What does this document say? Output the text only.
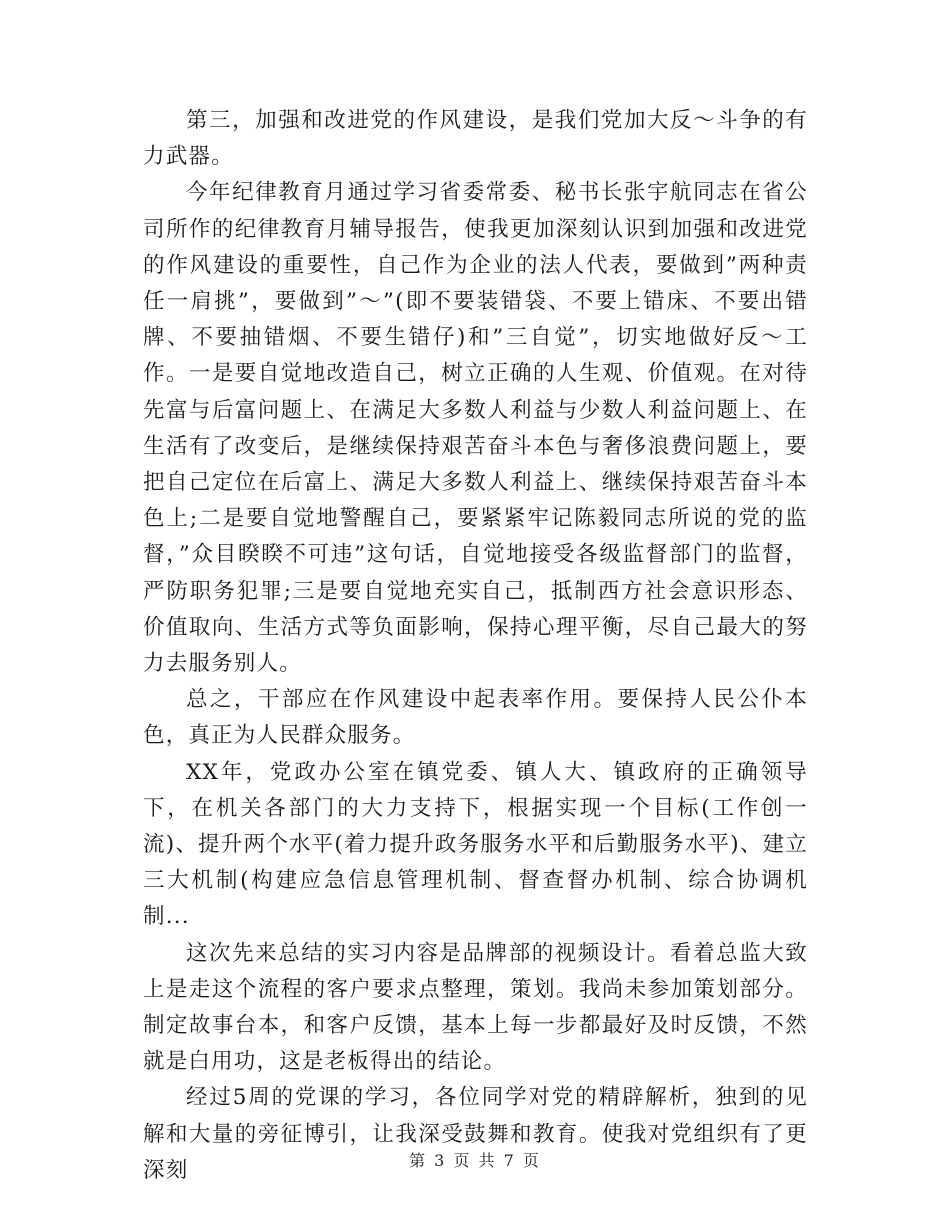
第三，加强和改进党的作风建设，是我们党加大反～斗争的有力武器。

今年纪律教育月通过学习省委常委、秘书长张宇航同志在省公司所作的纪律教育月辅导报告，使我更加深刻认识到加强和改进党的作风建设的重要性，自己作为企业的法人代表，要做到”两种责任一肩挑”，要做到”～”(即不要装错袋、不要上错床、不要出错牌、不要抽错烟、不要生错仔)和”三自觉”，切实地做好反～工作。一是要自觉地改造自己，树立正确的人生观、价值观。在对待先富与后富问题上、在满足大多数人利益与少数人利益问题上、在生活有了改变后，是继续保持艰苦奋斗本色与奢侈浪费问题上，要把自己定位在后富上、满足大多数人利益上、继续保持艰苦奋斗本色上;二是要自觉地警醒自己，要紧紧牢记陈毅同志所说的党的监督，”众目睽睽不可违”这句话，自觉地接受各级监督部门的监督，严防职务犯罪;三是要自觉地充实自己，抵制西方社会意识形态、价值取向、生活方式等负面影响，保持心理平衡，尽自己最大的努力去服务别人。

总之，干部应在作风建设中起表率作用。要保持人民公仆本色，真正为人民群众服务。

XX年，党政办公室在镇党委、镇人大、镇政府的正确领导下，在机关各部门的大力支持下，根据实现一个目标(工作创一流)、提升两个水平(着力提升政务服务水平和后勤服务水平)、建立三大机制(构建应急信息管理机制、督查督办机制、综合协调机制...

这次先来总结的实习内容是品牌部的视频设计。看着总监大致上是走这个流程的客户要求点整理，策划。我尚未参加策划部分。制定故事台本，和客户反馈，基本上每一步都最好及时反馈，不然就是白用功，这是老板得出的结论。

经过5周的党课的学习，各位同学对党的精辟解析，独到的见解和大量的旁征博引，让我深受鼓舞和教育。使我对党组织有了更深刻	第 3 页 共 7 页
